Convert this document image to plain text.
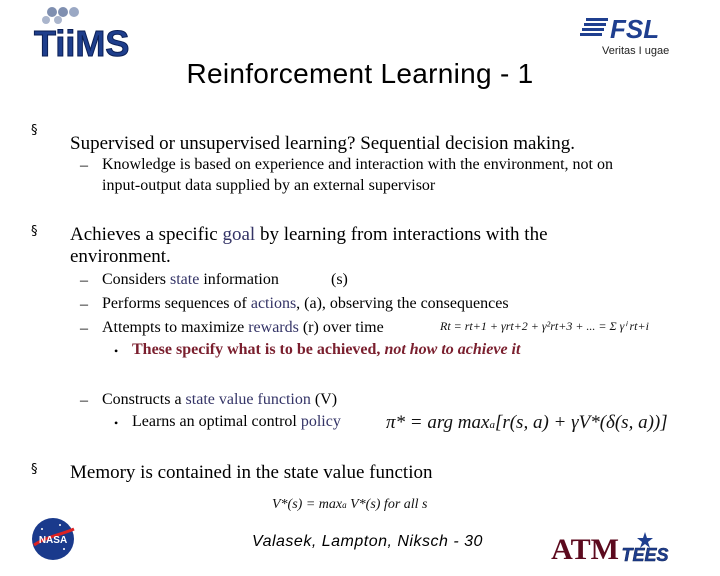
TiiMS	FSL
Veritas I ugae
Reinforcement Learning - 1
§
Supervised or unsupervised learning? Sequential decision making.
– Knowledge is based on experience and interaction with the environment, not on
input-output data supplied by an external supervisor
§ Achieves a specific goal by learning from interactions with the
environment.
– Considers state information	(s)
– Performs sequences of actions, (a), observing the consequences
– Attempts to maximize rewards (r) over time	Rt = rt+1 + γrt+2 + γ²rt+3 + ... = Σ γⁱ rt+i
• These specify what is to be achieved, not how to achieve it
– Constructs a state value function (V)
• Learns an optimal control policy π* = arg maxa[r(s, a) + γV*(δ(s, a))]
§ Memory is contained in the state value function
V*(s) = maxa V*(s) for all s
NASA	Valasek, Lampton, Niksch - 30 ATM TEES
